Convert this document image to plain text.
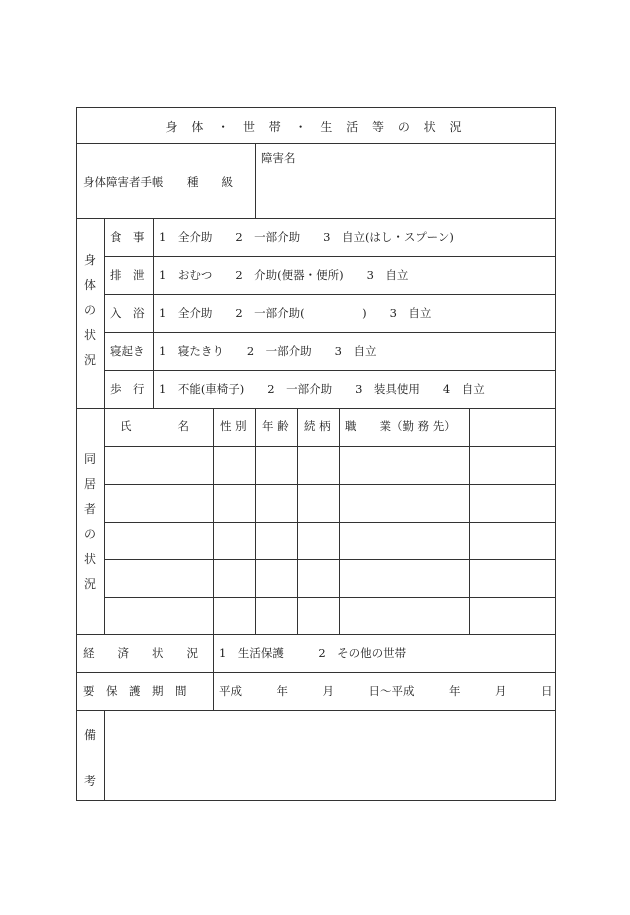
身 体 ・ 世 帯 ・ 生 活 等 の 状 況
身体障害者手帳 種　　級
障害名
身
体
の
状
況
食　事 1　全介助　　2　一部介助　　3　自立(はし・スプーン)
排　泄 1　おむつ　　2　介助(便器・便所)　　3　自立
入　浴 1　全介助　　2　一部介助(　　　　　)　　3　自立
寝起き 1　寝たきり　　2　一部介助　　3　自立
歩　行 1　不能(車椅子)　　2　一部介助　　3　装具使用　　4　自立
同
居
者
の
状
況
氏　　　　名	性 別 年 齢 続 柄 職　　業（勤 務 先）
経　　済　　状　　況 1　生活保護　　　2　その他の世帯
要　保　護　期　間	平成　　　年　　　月　　　日〜平成　　　年　　　月　　　日
備
考
